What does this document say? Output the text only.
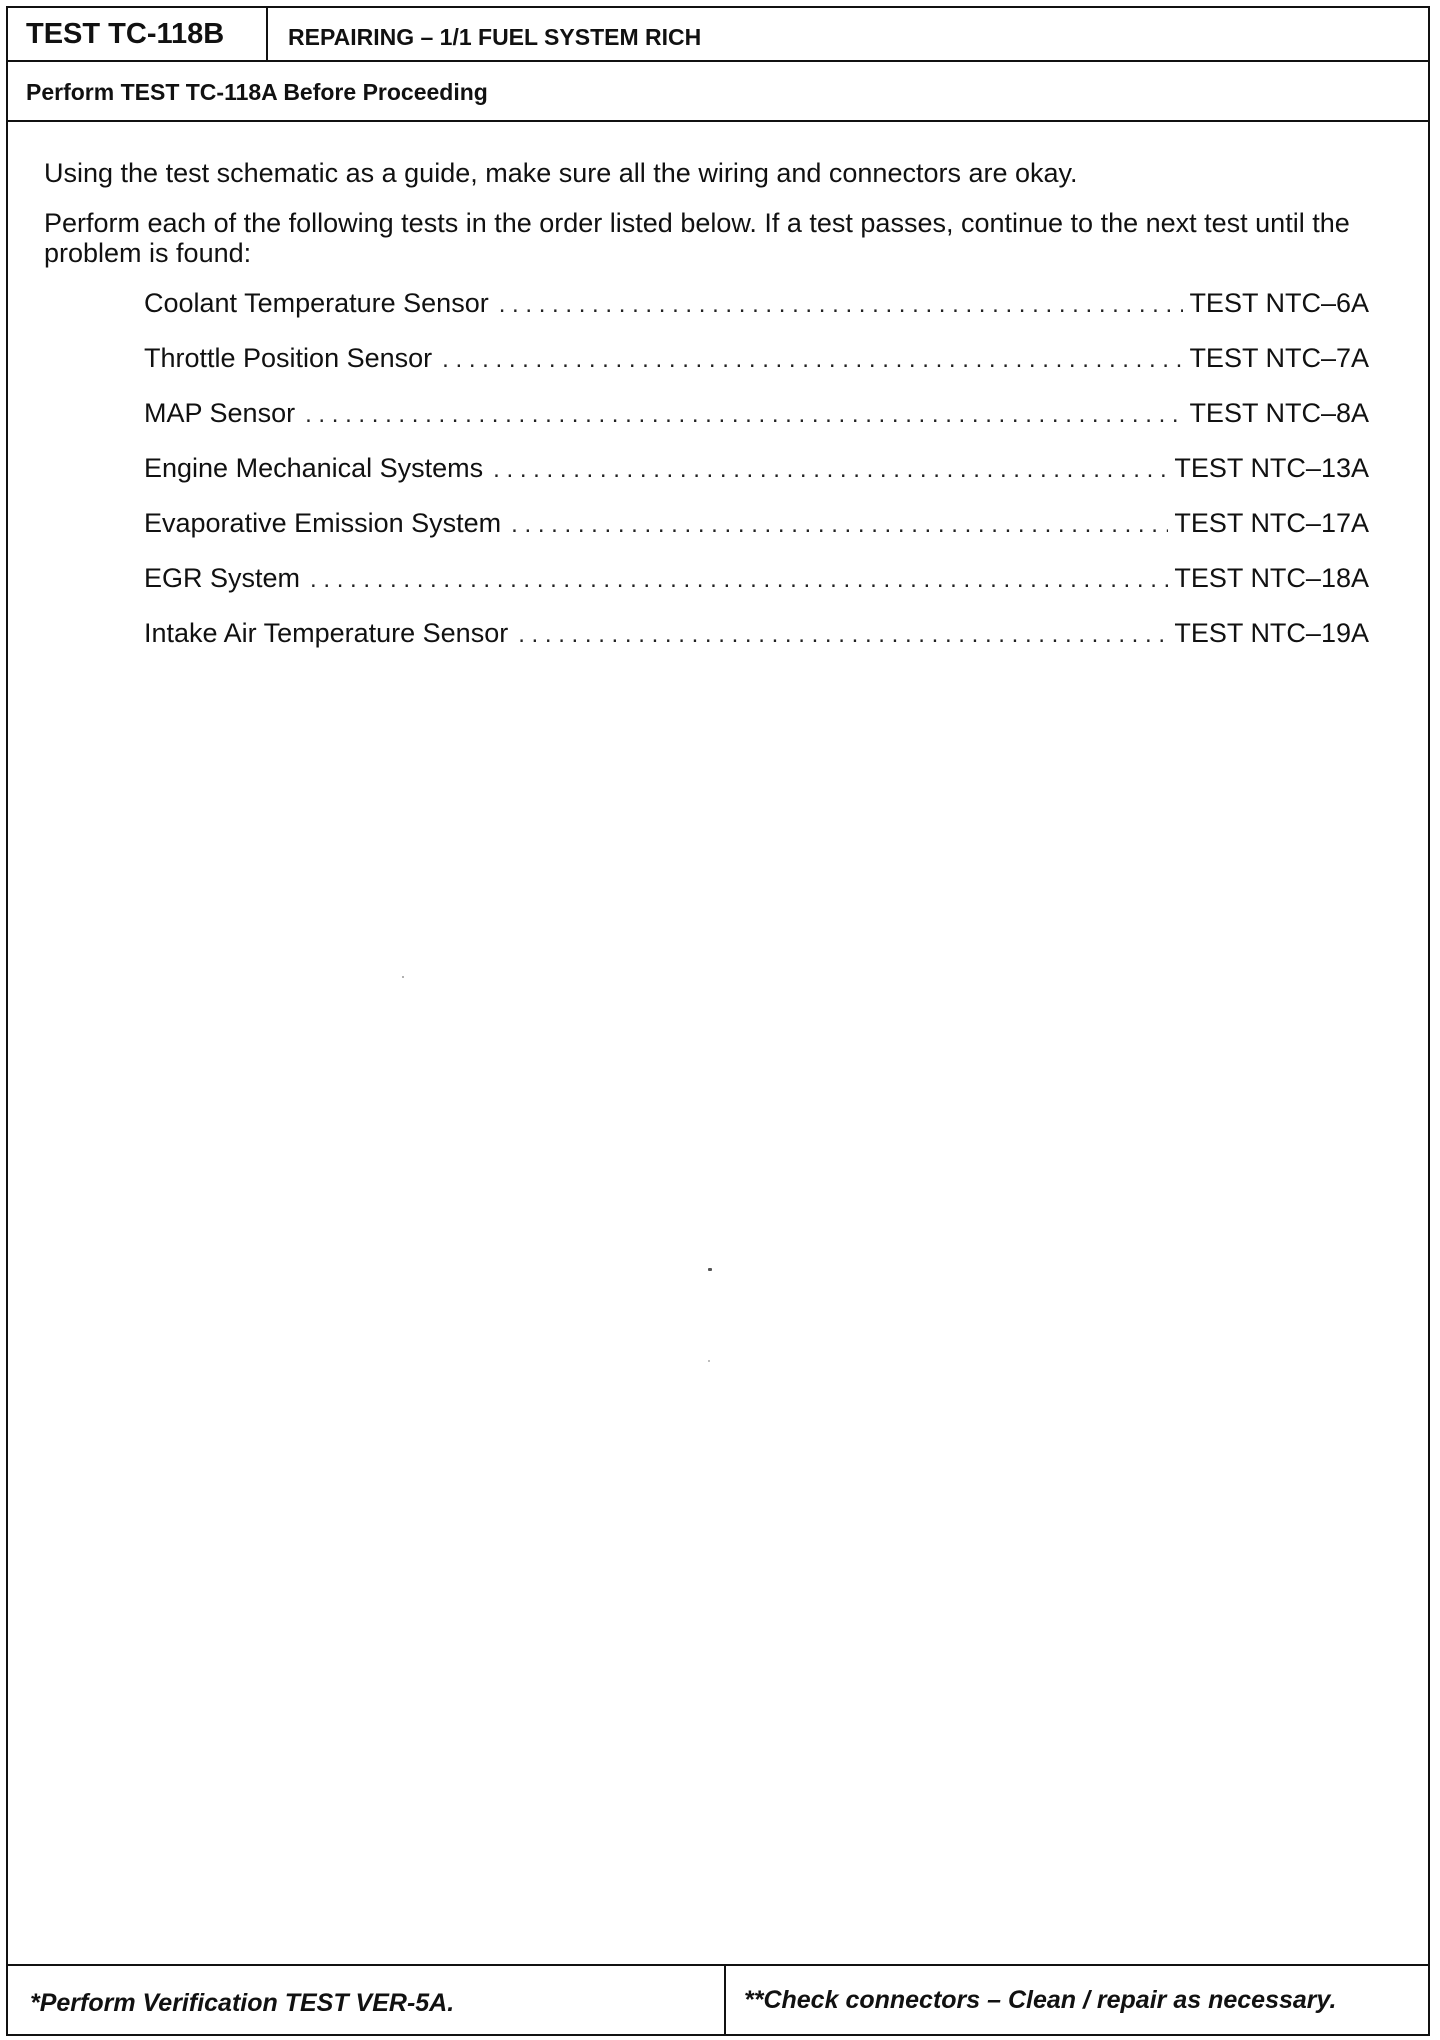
TEST TC-118B	REPAIRING – 1/1 FUEL SYSTEM RICH
Perform TEST TC-118A Before Proceeding

Using the test schematic as a guide, make sure all the wiring and connectors are okay.

Perform each of the following tests in the order listed below. If a test passes, continue to the next test until the problem is found:

Coolant Temperature Sensor . . .	TEST NTC–6A
Throttle Position Sensor . . .	TEST NTC–7A
MAP Sensor . . .	TEST NTC–8A
Engine Mechanical Systems . . .	TEST NTC–13A
Evaporative Emission System . . .	TEST NTC–17A
EGR System . . .	TEST NTC–18A
Intake Air Temperature Sensor . . .	TEST NTC–19A
*Perform Verification TEST VER-5A.	**Check connectors – Clean / repair as necessary.
